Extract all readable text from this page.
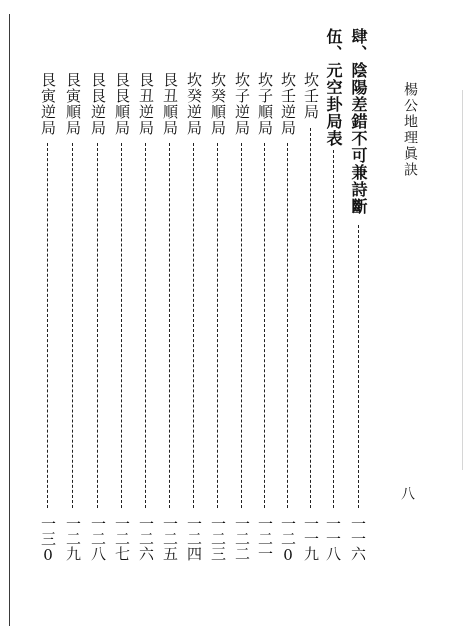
楊公地理眞訣
八
肆、陰陽差錯不可兼詩斷
一一六
伍、元空卦局表
一一八
坎壬局
一一九
坎壬逆局
一二0
坎子順局
一二一
坎子逆局
一二二
坎癸順局
一二三
坎癸逆局
一二四
艮丑順局
一二五
艮丑逆局
一二六
艮艮順局
一二七
艮艮逆局
一二八
艮寅順局
一二九
艮寅逆局
一三0
